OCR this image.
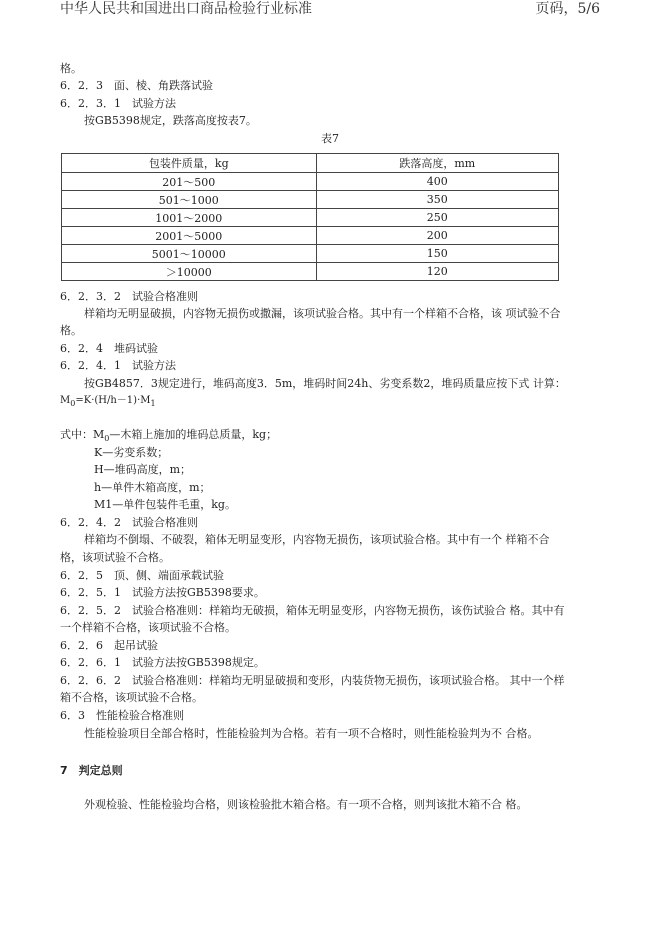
中华人民共和国进出口商品检验行业标准	页码，5/6
格。
6．2．3　面、棱、角跌落试验
6．2．3．1　试验方法
按GB5398规定，跌落高度按表7。
表7
包装件质量，kg	跌落高度，mm
201～500	400
501～1000	350
1001～2000	250
2001～5000	200
5001～10000	150
＞10000	120
6．2．3．2　试验合格准则
样箱均无明显破损，内容物无损伤或撒漏，该项试验合格。其中有一个样箱不合格，该 项试验不合
格。
6．2．4　堆码试验
6．2．4．1　试验方法
按GB4857．3规定进行，堆码高度3．5m，堆码时间24h、劣变系数2，堆码质量应按下式 计算：
$M_0=K\cdot(H/h-1)\cdot M_1$
式中：$M_0—$木箱上施加的堆码总质量，kg；
K—劣变系数；
H—堆码高度，m；
h—单件木箱高度，m；
M1—单件包装件毛重，kg。
6．2．4．2　试验合格准则
样箱均不倒塌、不破裂，箱体无明显变形，内容物无损伤，该项试验合格。其中有一个 样箱不合
格，该项试验不合格。
6．2．5　顶、侧、端面承载试验
6．2．5．1　试验方法按GB5398要求。
6．2．5．2　试验合格准则：样箱均无破损，箱体无明显变形，内容物无损伤，该伤试验合 格。其中有
一个样箱不合格，该项试验不合格。
6．2．6　起吊试验
6．2．6．1　试验方法按GB5398规定。
6．2．6．2　试验合格准则：样箱均无明显破损和变形，内装货物无损伤，该项试验合格。 其中一个样
箱不合格，该项试验不合格。
6．3　性能检验合格准则
性能检验项目全部合格时，性能检验判为合格。若有一项不合格时，则性能检验判为不 合格。
7　判定总则
外观检验、性能检验均合格，则该检验批木箱合格。有一项不合格，则判该批木箱不合 格。
